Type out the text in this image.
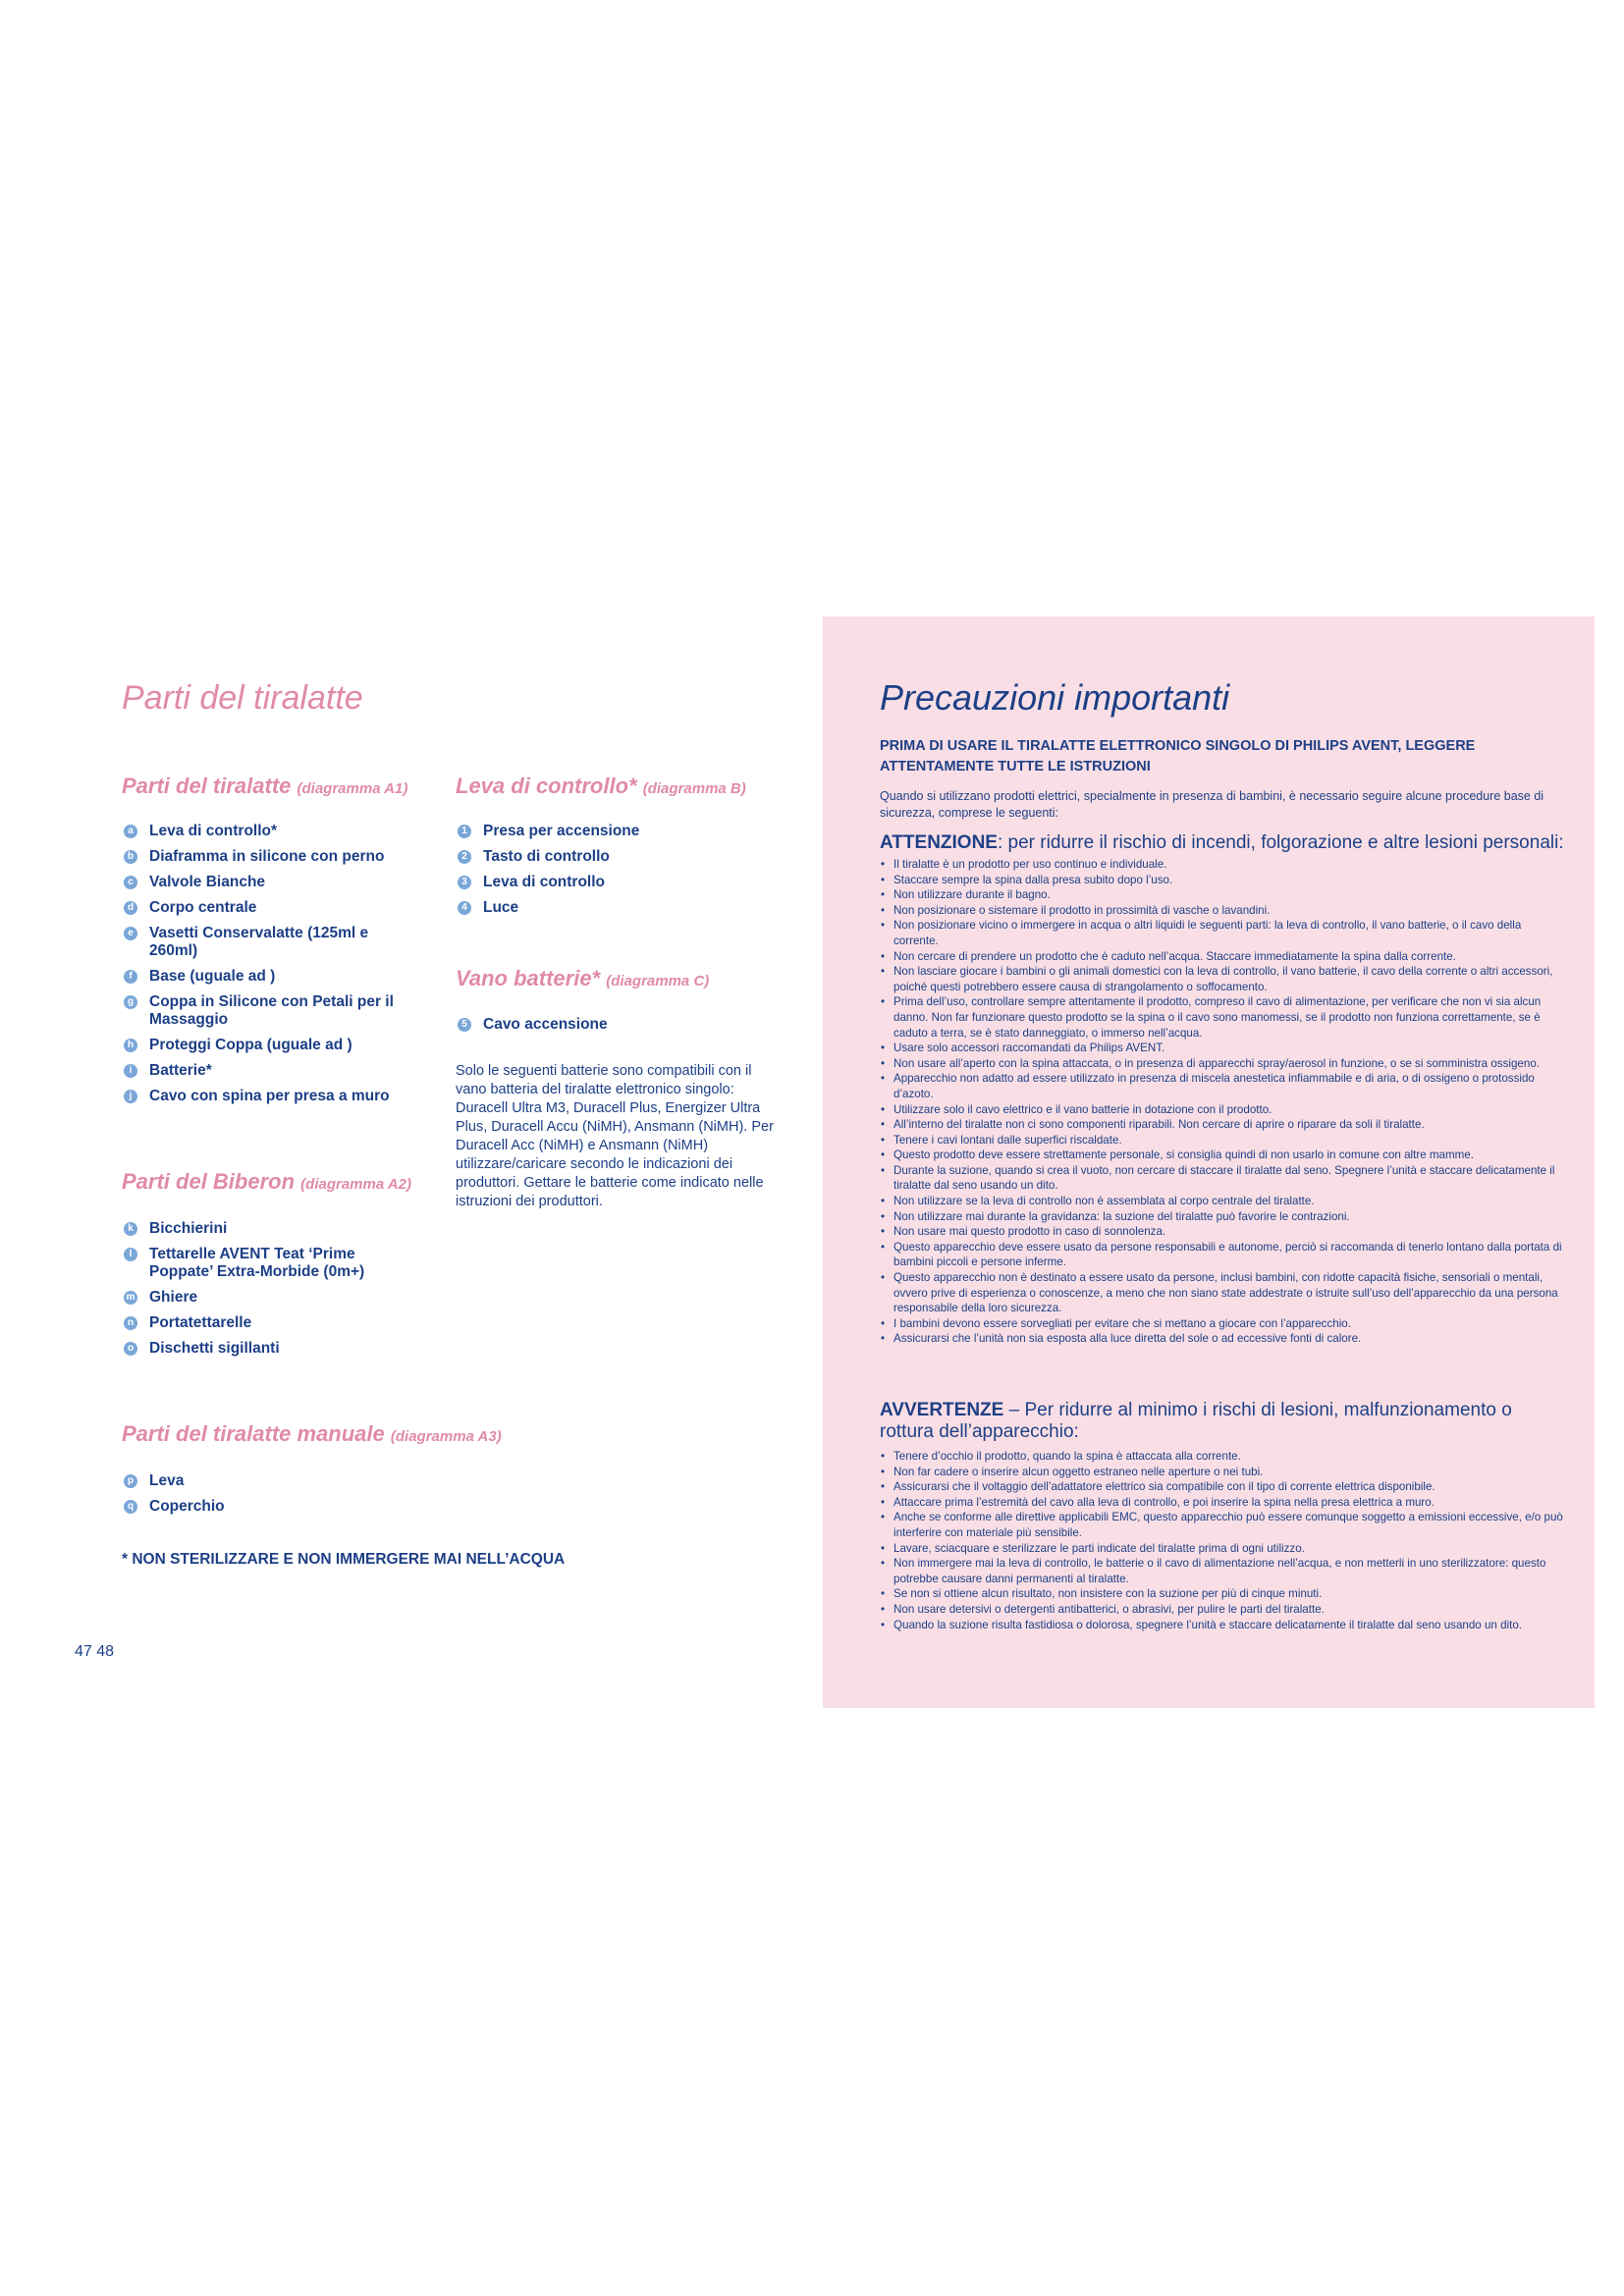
Parti del tiralatte
Parti del tiralatte (diagramma A1)
a Leva di controllo*
b Diaframma in silicone con perno
c Valvole Bianche
d Corpo centrale
e Vasetti Conservalatte (125ml e 260ml)
f	Base (uguale ad )
g Coppa in Silicone con Petali per il Massaggio
h Proteggi Coppa (uguale ad )
i	Batterie*
j	Cavo con spina per presa a muro
Parti del Biberon (diagramma A2)
k Bicchierini
l	Tettarelle AVENT Teat ‘Prime Poppate’ Extra-Morbide (0m+)
m Ghiere
n Portatettarelle
o Dischetti sigillanti
Parti del tiralatte manuale (diagramma A3)
p Leva
q Coperchio
Leva di controllo* (diagramma B)
1 Presa per accensione
2 Tasto di controllo
3 Leva di controllo
4 Luce
Vano batterie* (diagramma C)
5 Cavo accensione

Solo le seguenti batterie sono compatibili con il vano batteria del tiralatte elettronico singolo: Duracell Ultra M3, Duracell Plus, Energizer Ultra Plus, Duracell Accu (NiMH), Ansmann (NiMH). Per Duracell Acc (NiMH) e Ansmann (NiMH) utilizzare/caricare secondo le indicazioni dei produttori. Gettare le batterie come indicato nelle istruzioni dei produttori.

* NON STERILIZZARE E NON IMMERGERE MAI NELL’ACQUA

47 48
Precauzioni importanti

PRIMA DI USARE IL TIRALATTE ELETTRONICO SINGOLO DI PHILIPS AVENT, LEGGERE ATTENTAMENTE TUTTE LE ISTRUZIONI

Quando si utilizzano prodotti elettrici, specialmente in presenza di bambini, è necessario seguire alcune procedure base di sicurezza, comprese le seguenti:

ATTENZIONE: per ridurre il rischio di incendi, folgorazione e altre lesioni personali:
• Il tiralatte è un prodotto per uso continuo e individuale.
• Staccare sempre la spina dalla presa subito dopo l’uso.
• Non utilizzare durante il bagno.
• Non posizionare o sistemare il prodotto in prossimità di vasche o lavandini.
• Non posizionare vicino o immergere in acqua o altri liquidi le seguenti parti: la leva di controllo, il vano batterie, o il cavo della corrente.
• Non cercare di prendere un prodotto che è caduto nell’acqua. Staccare immediatamente la spina dalla corrente.
• Non lasciare giocare i bambini o gli animali domestici con la leva di controllo, il vano batterie, il cavo della corrente o altri accessori, poiché questi potrebbero essere causa di strangolamento o soffocamento.
• Prima dell’uso, controllare sempre attentamente il prodotto, compreso il cavo di alimentazione, per verificare che non vi sia alcun danno. Non far funzionare questo prodotto se la spina o il cavo sono manomessi, se il prodotto non funziona correttamente, se è caduto a terra, se è stato danneggiato, o immerso nell’acqua.
• Usare solo accessori raccomandati da Philips AVENT.
• Non usare all’aperto con la spina attaccata, o in presenza di apparecchi spray/aerosol in funzione, o se si somministra ossigeno.
• Apparecchio non adatto ad essere utilizzato in presenza di miscela anestetica infiammabile e di aria, o di ossigeno o protossido d’azoto.
• Utilizzare solo il cavo elettrico e il vano batterie in dotazione con il prodotto.
• All’interno del tiralatte non ci sono componenti riparabili. Non cercare di aprire o riparare da soli il tiralatte.
• Tenere i cavi lontani dalle superfici riscaldate.
• Questo prodotto deve essere strettamente personale, si consiglia quindi di non usarlo in comune con altre mamme.
• Durante la suzione, quando si crea il vuoto, non cercare di staccare il tiralatte dal seno. Spegnere l’unità e staccare delicatamente il tiralatte dal seno usando un dito.
• Non utilizzare se la leva di controllo non è assemblata al corpo centrale del tiralatte.
• Non utilizzare mai durante la gravidanza: la suzione del tiralatte può favorire le contrazioni.
• Non usare mai questo prodotto in caso di sonnolenza.
• Questo apparecchio deve essere usato da persone responsabili e autonome, perciò si raccomanda di tenerlo lontano dalla portata di bambini piccoli e persone inferme.
• Questo apparecchio non è destinato a essere usato da persone, inclusi bambini, con ridotte capacità fisiche, sensoriali o mentali, ovvero prive di esperienza o conoscenze, a meno che non siano state addestrate o istruite sull’uso dell’apparecchio da una persona responsabile della loro sicurezza.
• I bambini devono essere sorvegliati per evitare che si mettano a giocare con l’apparecchio.
• Assicurarsi che l’unità non sia esposta alla luce diretta del sole o ad eccessive fonti di calore.
AVVERTENZE – Per ridurre al minimo i rischi di lesioni, malfunzionamento o rottura dell’apparecchio:
• Tenere d’occhio il prodotto, quando la spina è attaccata alla corrente.
• Non far cadere o inserire alcun oggetto estraneo nelle aperture o nei tubi.
• Assicurarsi che il voltaggio dell’adattatore elettrico sia compatibile con il tipo di corrente elettrica disponibile.
• Attaccare prima l’estremità del cavo alla leva di controllo, e poi inserire la spina nella presa elettrica a muro.
• Anche se conforme alle direttive applicabili EMC, questo apparecchio può essere comunque soggetto a emissioni eccessive, e/o può interferire con materiale più sensibile.
• Lavare, sciacquare e sterilizzare le parti indicate del tiralatte prima di ogni utilizzo.
• Non immergere mai la leva di controllo, le batterie o il cavo di alimentazione nell’acqua, e non metterli in uno sterilizzatore: questo potrebbe causare danni permanenti al tiralatte.
• Se non si ottiene alcun risultato, non insistere con la suzione per più di cinque minuti.
• Non usare detersivi o detergenti antibatterici, o abrasivi, per pulire le parti del tiralatte.
• Quando la suzione risulta fastidiosa o dolorosa, spegnere l’unità e staccare delicatamente il tiralatte dal seno usando un dito.
